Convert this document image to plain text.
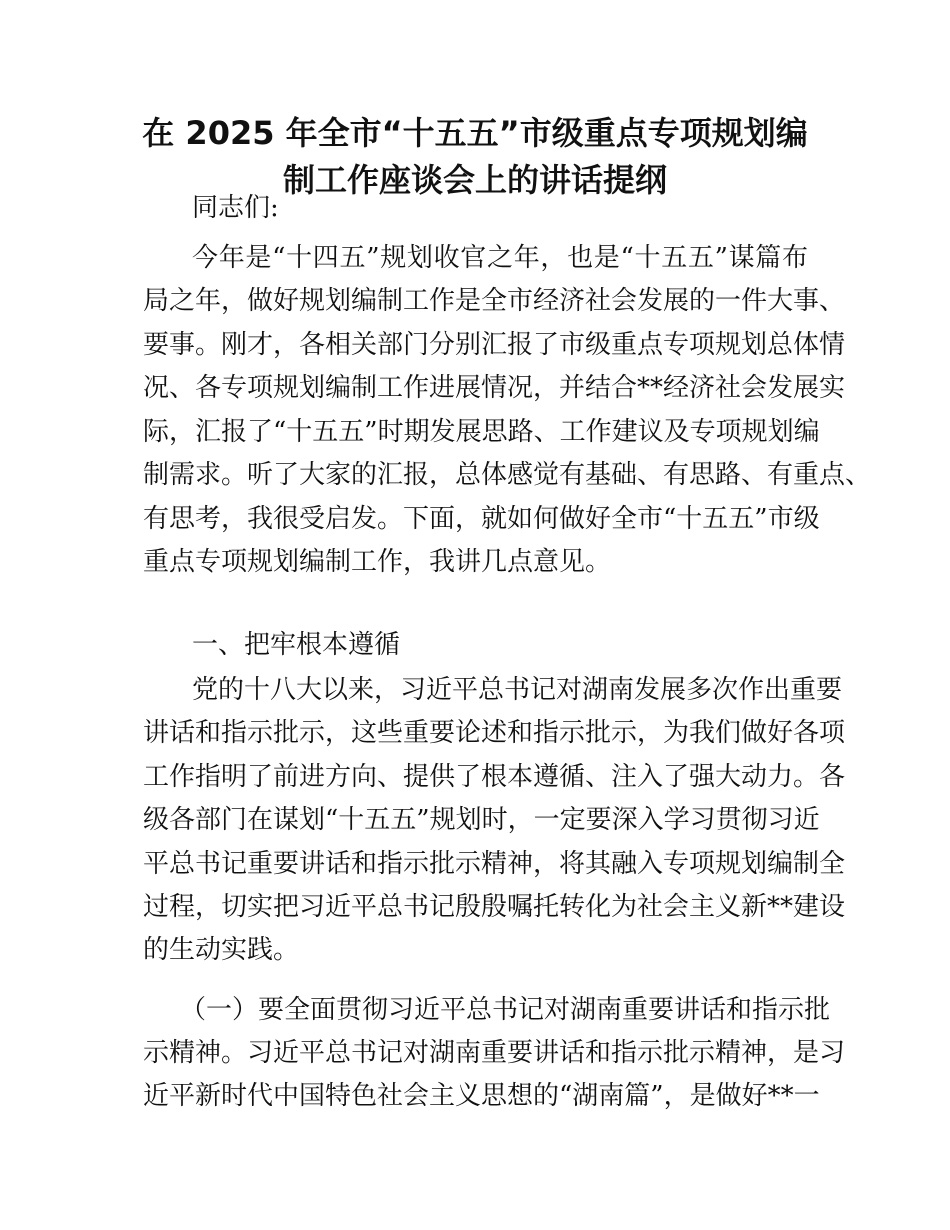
在 2025 年全市“十五五”市级重点专项规划编
制工作座谈会上的讲话提纲
同志们:
今年是“十四五”规划收官之年，也是“十五五”谋篇布
局之年，做好规划编制工作是全市经济社会发展的一件大事、
要事。刚才，各相关部门分别汇报了市级重点专项规划总体情
况、各专项规划编制工作进展情况，并结合**经济社会发展实
际，汇报了“十五五”时期发展思路、工作建议及专项规划编
制需求。听了大家的汇报，总体感觉有基础、有思路、有重点、
有思考，我很受启发。下面，就如何做好全市“十五五”市级
重点专项规划编制工作，我讲几点意见。
一、把牢根本遵循
党的十八大以来，习近平总书记对湖南发展多次作出重要
讲话和指示批示，这些重要论述和指示批示，为我们做好各项
工作指明了前进方向、提供了根本遵循、注入了强大动力。各
级各部门在谋划“十五五”规划时，一定要深入学习贯彻习近
平总书记重要讲话和指示批示精神，将其融入专项规划编制全
过程，切实把习近平总书记殷殷嘱托转化为社会主义新**建设
的生动实践。
（一）要全面贯彻习近平总书记对湖南重要讲话和指示批
示精神。习近平总书记对湖南重要讲话和指示批示精神，是习
近平新时代中国特色社会主义思想的“湖南篇”，是做好**一
